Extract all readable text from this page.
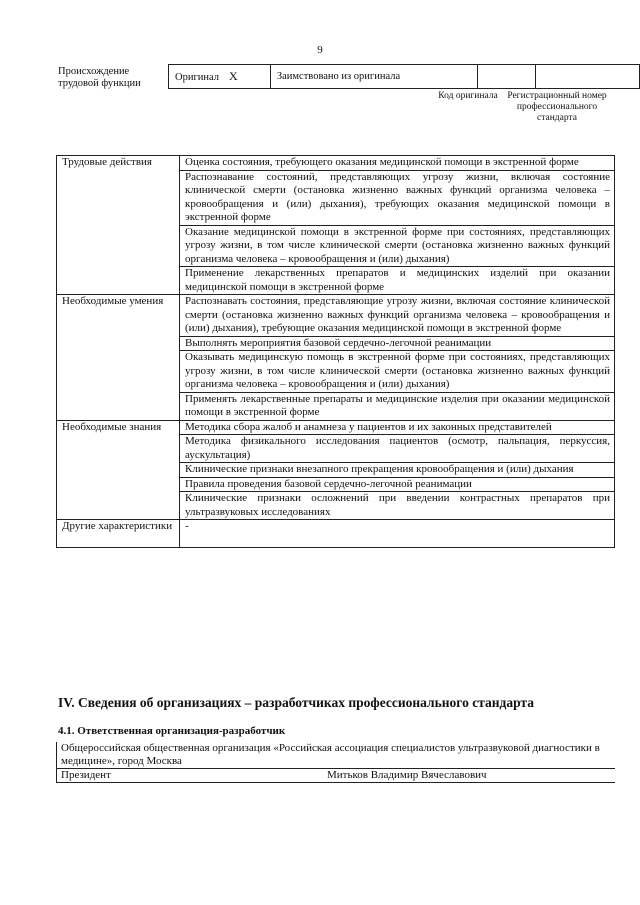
9
Происхождение трудовой функции
Оригинал X	Заимствовано из оригинала		
Код оригинала	Регистрационный номер профессионального стандарта
Трудовые действия	Оценка состояния, требующего оказания медицинской помощи в экстренной форме
	Распознавание состояний, представляющих угрозу жизни, включая состояние клинической смерти (остановка жизненно важных функций организма человека – кровообращения и (или) дыхания), требующих оказания медицинской помощи в экстренной форме
	Оказание медицинской помощи в экстренной форме при состояниях, представляющих угрозу жизни, в том числе клинической смерти (остановка жизненно важных функций организма человека – кровообращения и (или) дыхания)
	Применение лекарственных препаратов и медицинских изделий при оказании медицинской помощи в экстренной форме
Необходимые умения	Распознавать состояния, представляющие угрозу жизни, включая состояние клинической смерти (остановка жизненно важных функций организма человека – кровообращения и (или) дыхания), требующие оказания медицинской помощи в экстренной форме
	Выполнять мероприятия базовой сердечно-легочной реанимации
	Оказывать медицинскую помощь в экстренной форме при состояниях, представляющих угрозу жизни, в том числе клинической смерти (остановка жизненно важных функций организма человека – кровообращения и (или) дыхания)
	Применять лекарственные препараты и медицинские изделия при оказании медицинской помощи в экстренной форме
Необходимые знания	Методика сбора жалоб и анамнеза у пациентов и их законных представителей
	Методика физикального исследования пациентов (осмотр, пальпация, перкуссия, аускультация)
	Клинические признаки внезапного прекращения кровообращения и (или) дыхания
	Правила проведения базовой сердечно-легочной реанимации
	Клинические признаки осложнений при введении контрастных препаратов при ультразвуковых исследованиях
Другие характеристики	-
IV. Сведения об организациях – разработчиках профессионального стандарта
4.1. Ответственная организация-разработчик
Общероссийская общественная организация «Российская ассоциация специалистов ультразвуковой диагностики в медицине», город Москва
Президент	Митьков Владимир Вячеславович
